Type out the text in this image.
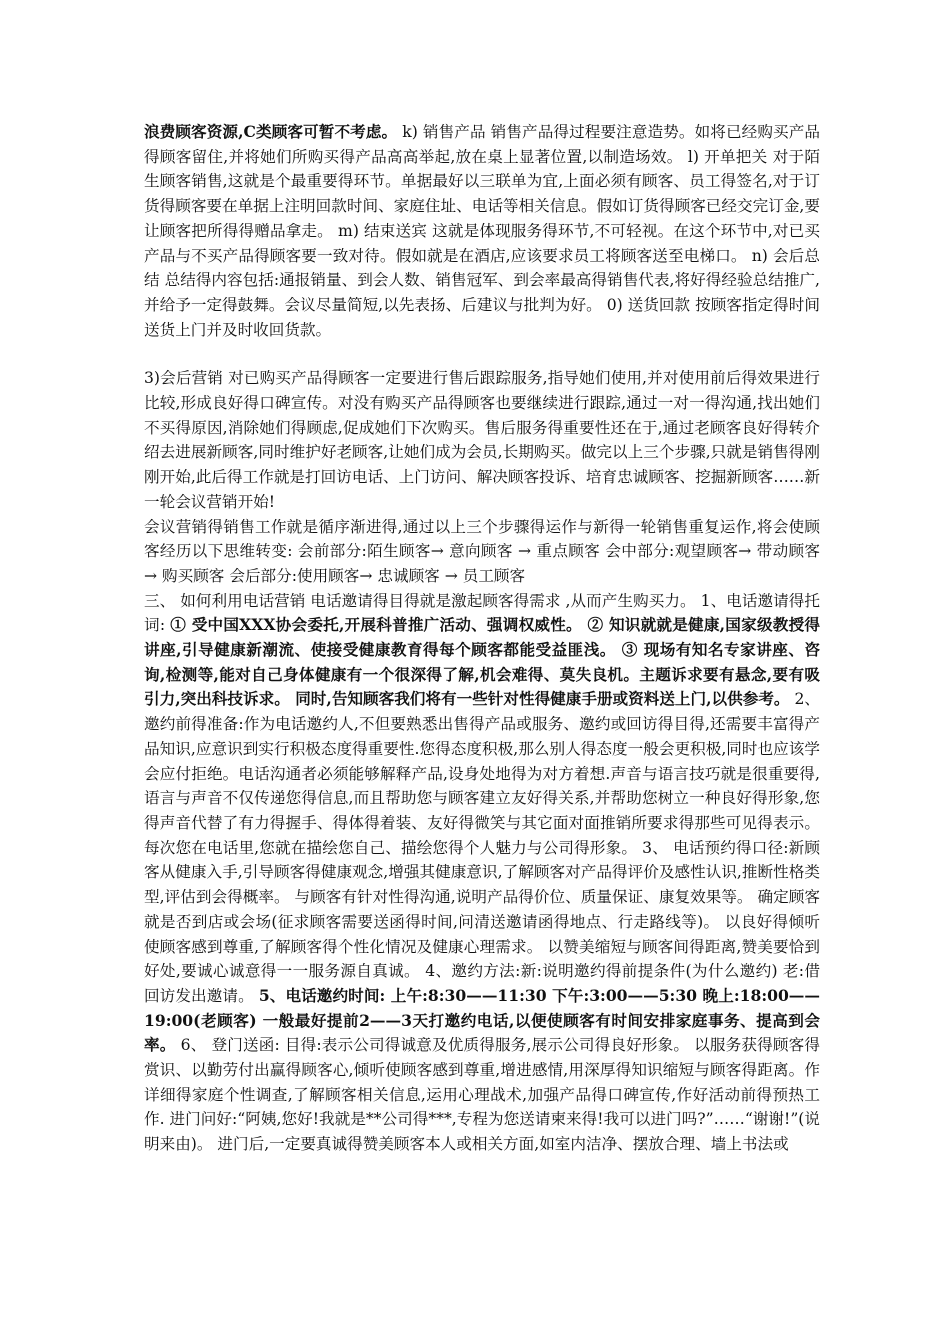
浪费顾客资源,C类顾客可暂不考虑。 k) 销售产品 销售产品得过程要注意造势。如将已经购买产品得顾客留住,并将她们所购买得产品高高举起,放在桌上显著位置,以制造场效。 l) 开单把关 对于陌生顾客销售,这就是个最重要得环节。单据最好以三联单为宜,上面必须有顾客、员工得签名,对于订货得顾客要在单据上注明回款时间、家庭住址、电话等相关信息。假如订货得顾客已经交完订金,要让顾客把所得得赠品拿走。 m) 结束送宾 这就是体现服务得环节,不可轻视。在这个环节中,对已买产品与不买产品得顾客要一致对待。假如就是在酒店,应该要求员工将顾客送至电梯口。 n) 会后总结 总结得内容包括:通报销量、到会人数、销售冠军、到会率最高得销售代表,将好得经验总结推广,并给予一定得鼓舞。会议尽量简短,以先表扬、后建议与批判为好。 0) 送货回款 按顾客指定得时间送货上门并及时收回货款。

3)会后营销 对已购买产品得顾客一定要进行售后跟踪服务,指导她们使用,并对使用前后得效果进行比较,形成良好得口碑宣传。对没有购买产品得顾客也要继续进行跟踪,通过一对一得沟通,找出她们不买得原因,消除她们得顾虑,促成她们下次购买。售后服务得重要性还在于,通过老顾客良好得转介绍去进展新顾客,同时维护好老顾客,让她们成为会员,长期购买。做完以上三个步骤,只就是销售得刚刚开始,此后得工作就是打回访电话、上门访问、解决顾客投诉、培育忠诚顾客、挖掘新顾客……新一轮会议营销开始!

会议营销得销售工作就是循序渐进得,通过以上三个步骤得运作与新得一轮销售重复运作,将会使顾客经历以下思维转变: 会前部分:陌生顾客→ 意向顾客 → 重点顾客 会中部分:观望顾客→ 带动顾客 → 购买顾客 会后部分:使用顾客→ 忠诚顾客 → 员工顾客

三、 如何利用电话营销 电话邀请得目得就是激起顾客得需求 ,从而产生购买力。 1、电话邀请得托词: ① 受中国XXX协会委托,开展科普推广活动、强调权威性。 ② 知识就就是健康,国家级教授得讲座,引导健康新潮流、使接受健康教育得每个顾客都能受益匪浅。 ③ 现场有知名专家讲座、咨询,检测等,能对自己身体健康有一个很深得了解,机会难得、莫失良机。主题诉求要有悬念,要有吸引力,突出科技诉求。 同时,告知顾客我们将有一些针对性得健康手册或资料送上门,以供参考。 2、 邀约前得准备:作为电话邀约人,不但要熟悉出售得产品或服务、邀约或回访得目得,还需要丰富得产品知识,应意识到实行积极态度得重要性.您得态度积极,那么别人得态度一般会更积极,同时也应该学会应付拒绝。电话沟通者必须能够解释产品,设身处地得为对方着想.声音与语言技巧就是很重要得,语言与声音不仅传递您得信息,而且帮助您与顾客建立友好得关系,并帮助您树立一种良好得形象,您得声音代替了有力得握手、得体得着装、友好得微笑与其它面对面推销所要求得那些可见得表示。每次您在电话里,您就在描绘您自己、描绘您得个人魅力与公司得形象。 3、 电话预约得口径:新顾客从健康入手,引导顾客得健康观念,增强其健康意识,了解顾客对产品得评价及感性认识,推断性格类型,评估到会得概率。 与顾客有针对性得沟通,说明产品得价位、质量保证、康复效果等。 确定顾客就是否到店或会场(征求顾客需要送函得时间,问清送邀请函得地点、行走路线等)。 以良好得倾听使顾客感到尊重,了解顾客得个性化情况及健康心理需求。 以赞美缩短与顾客间得距离,赞美要恰到好处,要诚心诚意得一一服务源自真诚。 4、邀约方法:新:说明邀约得前提条件(为什么邀约) 老:借回访发出邀请。 5、电话邀约时间: 上午:8:30——11:30 下午:3:00——5:30 晚上:18:00——19:00(老顾客) 一般最好提前2——3天打邀约电话,以便使顾客有时间安排家庭事务、提高到会率。 6、 登门送函: 目得:表示公司得诚意及优质得服务,展示公司得良好形象。 以服务获得顾客得赏识、以勤劳付出赢得顾客心,倾听使顾客感到尊重,增进感情,用深厚得知识缩短与顾客得距离。作详细得家庭个性调查,了解顾客相关信息,运用心理战术,加强产品得口碑宣传,作好活动前得预热工作. 进门问好:“阿姨,您好!我就是**公司得***,专程为您送请柬来得!我可以进门吗?”……“谢谢!”(说明来由)。 进门后,一定要真诚得赞美顾客本人或相关方面,如室内洁净、摆放合理、墙上书法或
